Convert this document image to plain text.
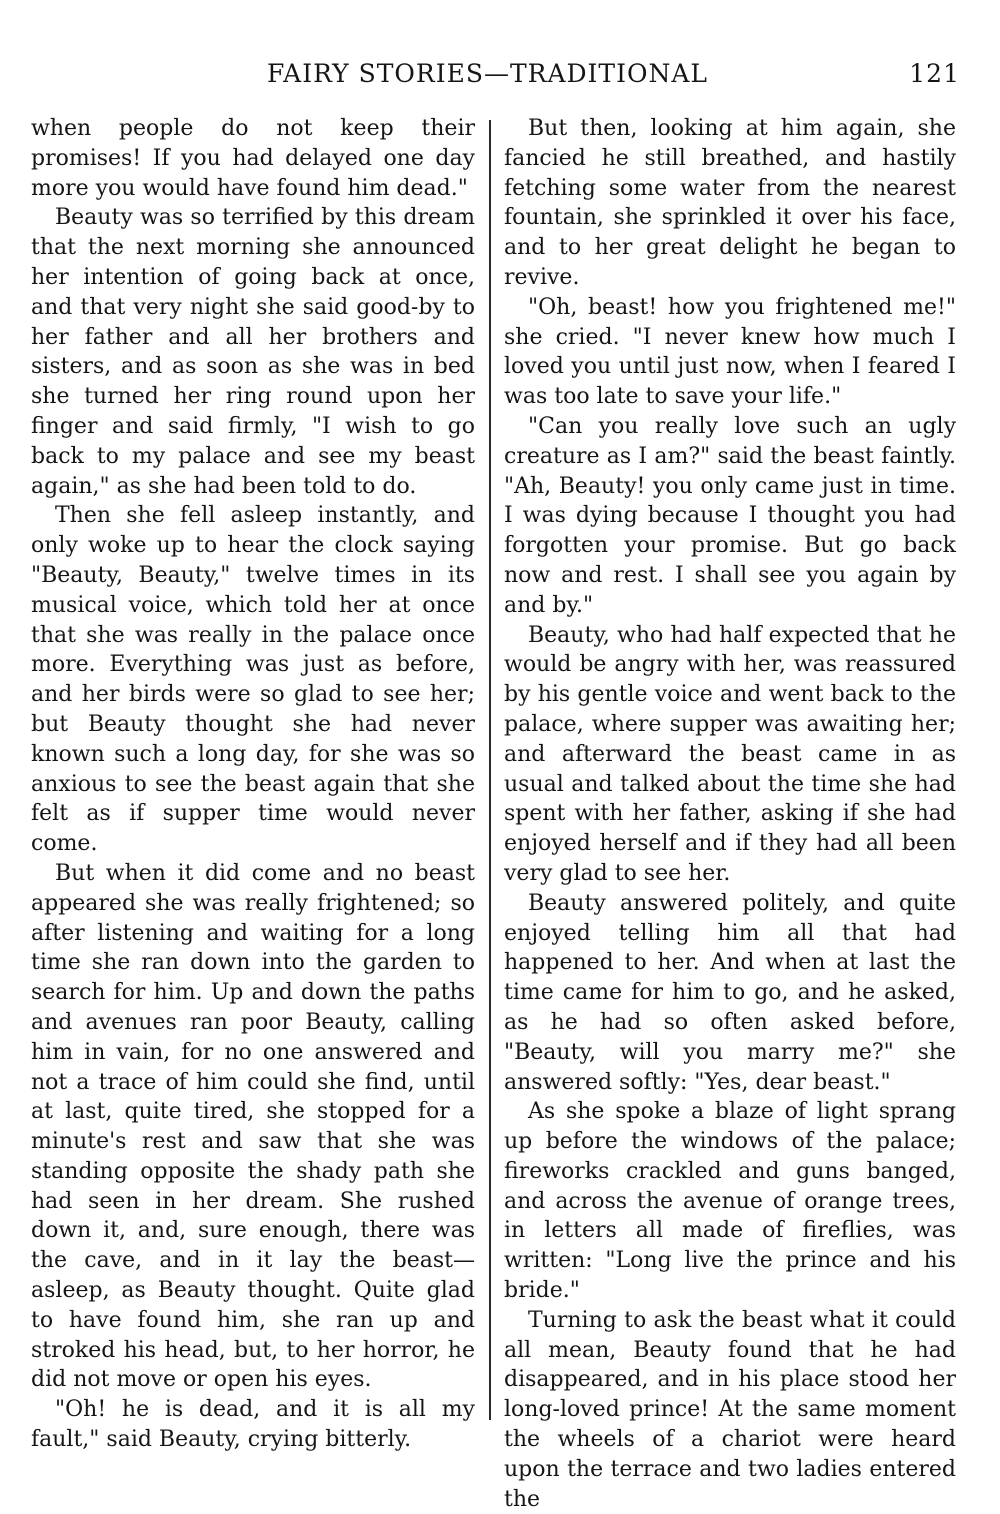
FAIRY STORIES—TRADITIONAL	121

when people do not keep their promises! If you had delayed one day more you would have found him dead."

Beauty was so terrified by this dream that the next morning she announced her intention of going back at once, and that very night she said good-by to her father and all her brothers and sisters, and as soon as she was in bed she turned her ring round upon her finger and said firmly, "I wish to go back to my palace and see my beast again," as she had been told to do.

Then she fell asleep instantly, and only woke up to hear the clock saying "Beauty, Beauty," twelve times in its musical voice, which told her at once that she was really in the palace once more. Everything was just as before, and her birds were so glad to see her; but Beauty thought she had never known such a long day, for she was so anxious to see the beast again that she felt as if supper time would never come.

But when it did come and no beast appeared she was really frightened; so after listening and waiting for a long time she ran down into the garden to search for him. Up and down the paths and avenues ran poor Beauty, calling him in vain, for no one answered and not a trace of him could she find, until at last, quite tired, she stopped for a minute's rest and saw that she was standing opposite the shady path she had seen in her dream. She rushed down it, and, sure enough, there was the cave, and in it lay the beast—asleep, as Beauty thought. Quite glad to have found him, she ran up and stroked his head, but, to her horror, he did not move or open his eyes.

"Oh! he is dead, and it is all my fault," said Beauty, crying bitterly.

But then, looking at him again, she fancied he still breathed, and hastily fetching some water from the nearest fountain, she sprinkled it over his face, and to her great delight he began to revive.

"Oh, beast! how you frightened me!" she cried. "I never knew how much I loved you until just now, when I feared I was too late to save your life."

"Can you really love such an ugly creature as I am?" said the beast faintly. "Ah, Beauty! you only came just in time. I was dying because I thought you had forgotten your promise. But go back now and rest. I shall see you again by and by."

Beauty, who had half expected that he would be angry with her, was reassured by his gentle voice and went back to the palace, where supper was awaiting her; and afterward the beast came in as usual and talked about the time she had spent with her father, asking if she had enjoyed herself and if they had all been very glad to see her.

Beauty answered politely, and quite enjoyed telling him all that had happened to her. And when at last the time came for him to go, and he asked, as he had so often asked before, "Beauty, will you marry me?" she answered softly: "Yes, dear beast."

As she spoke a blaze of light sprang up before the windows of the palace; fireworks crackled and guns banged, and across the avenue of orange trees, in letters all made of fireflies, was written: "Long live the prince and his bride."

Turning to ask the beast what it could all mean, Beauty found that he had disappeared, and in his place stood her long-loved prince! At the same moment the wheels of a chariot were heard upon the terrace and two ladies entered the
